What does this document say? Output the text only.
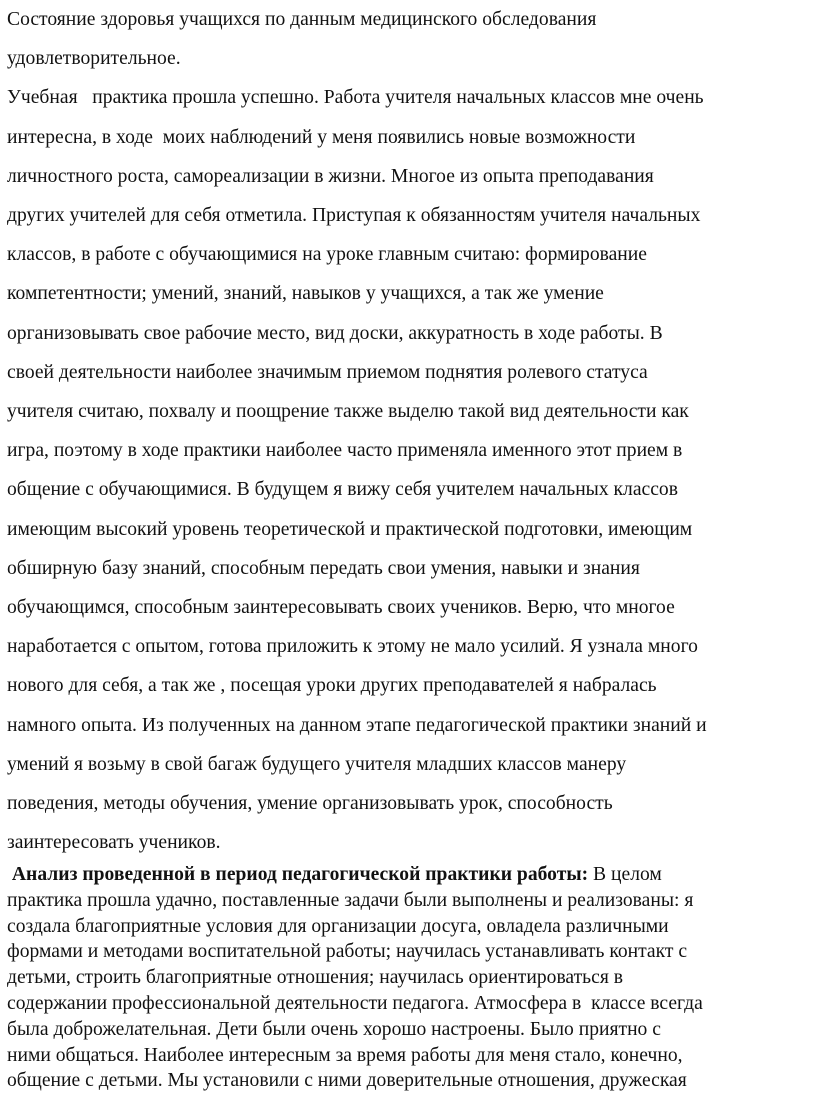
Состояние здоровья учащихся по данным медицинского обследования
удовлетворительное.
Учебная   практика прошла успешно. Работа учителя начальных классов мне очень
интересна, в ходе  моих наблюдений у меня появились новые возможности
личностного роста, самореализации в жизни. Многое из опыта преподавания
других учителей для себя отметила. Приступая к обязанностям учителя начальных
классов, в работе с обучающимися на уроке главным считаю: формирование
компетентности; умений, знаний, навыков у учащихся, а так же умение
организовывать свое рабочие место, вид доски, аккуратность в ходе работы. В
своей деятельности наиболее значимым приемом поднятия ролевого статуса
учителя считаю, похвалу и поощрение также выделю такой вид деятельности как
игра, поэтому в ходе практики наиболее часто применяла именного этот прием в
общение с обучающимися. В будущем я вижу себя учителем начальных классов
имеющим высокий уровень теоретической и практической подготовки, имеющим
обширную базу знаний, способным передать свои умения, навыки и знания
обучающимся, способным заинтересовывать своих учеников. Верю, что многое
наработается с опытом, готова приложить к этому не мало усилий. Я узнала много
нового для себя, а так же , посещая уроки других преподавателей я набралась
намного опыта. Из полученных на данном этапе педагогической практики знаний и
умений я возьму в свой багаж будущего учителя младших классов манеру
поведения, методы обучения, умение организовывать урок, способность
заинтересовать учеников.
Анализ проведенной в период педагогической практики работы: В целом
практика прошла удачно, поставленные задачи были выполнены и реализованы: я
создала благоприятные условия для организации досуга, овладела различными
формами и методами воспитательной работы; научилась устанавливать контакт с
детьми, строить благоприятные отношения; научилась ориентироваться в
содержании профессиональной деятельности педагога. Атмосфера в  классе всегда
была доброжелательная. Дети были очень хорошо настроены. Было приятно с
ними общаться. Наиболее интересным за время работы для меня стало, конечно,
общение с детьми. Мы установили с ними доверительные отношения, дружеская
